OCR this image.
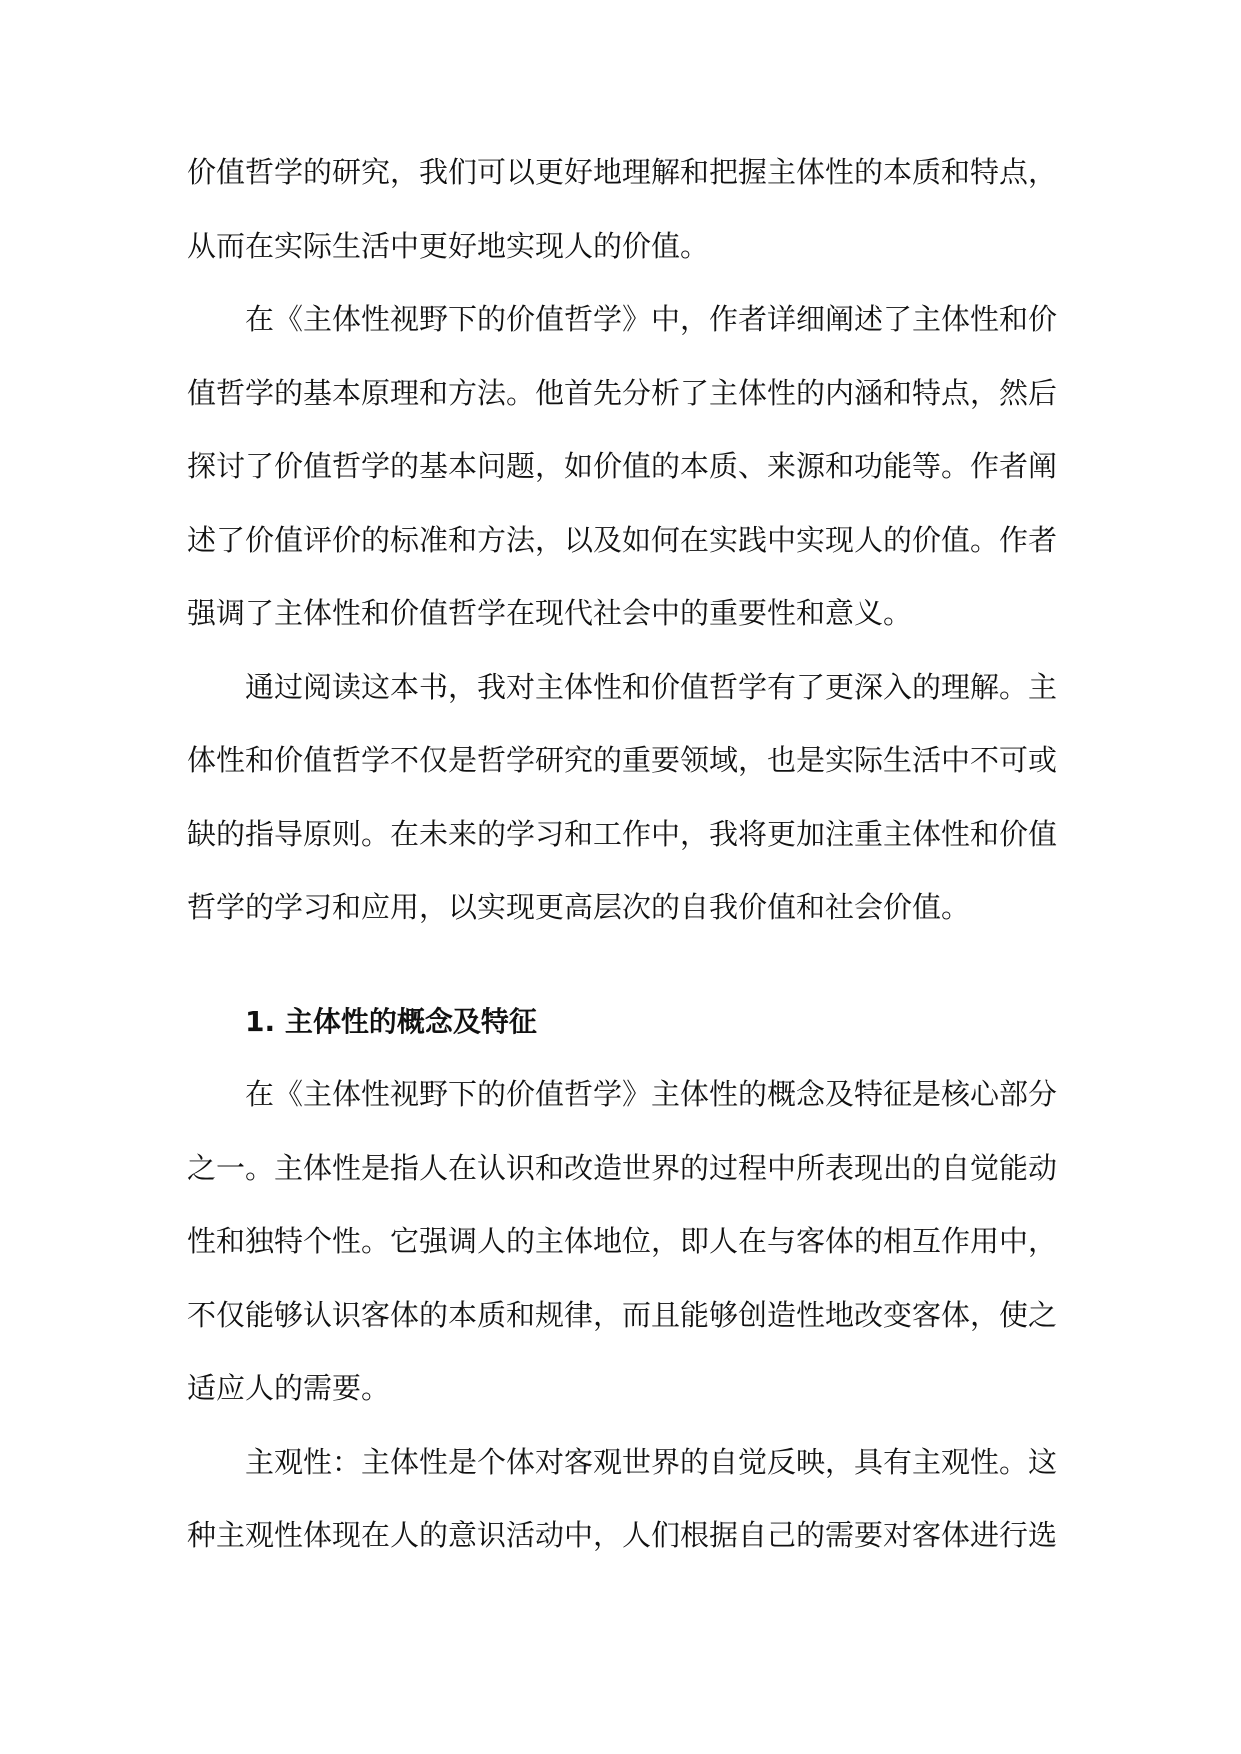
价值哲学的研究，我们可以更好地理解和把握主体性的本质和特点，
从而在实际生活中更好地实现人的价值。
在《主体性视野下的价值哲学》中，作者详细阐述了主体性和价
值哲学的基本原理和方法。他首先分析了主体性的内涵和特点，然后
探讨了价值哲学的基本问题，如价值的本质、来源和功能等。作者阐
述了价值评价的标准和方法，以及如何在实践中实现人的价值。作者
强调了主体性和价值哲学在现代社会中的重要性和意义。
通过阅读这本书，我对主体性和价值哲学有了更深入的理解。主
体性和价值哲学不仅是哲学研究的重要领域，也是实际生活中不可或
缺的指导原则。在未来的学习和工作中，我将更加注重主体性和价值
哲学的学习和应用，以实现更高层次的自我价值和社会价值。
1. 主体性的概念及特征
在《主体性视野下的价值哲学》主体性的概念及特征是核心部分
之一。主体性是指人在认识和改造世界的过程中所表现出的自觉能动
性和独特个性。它强调人的主体地位，即人在与客体的相互作用中，
不仅能够认识客体的本质和规律，而且能够创造性地改变客体，使之
适应人的需要。
主观性：主体性是个体对客观世界的自觉反映，具有主观性。这
种主观性体现在人的意识活动中，人们根据自己的需要对客体进行选
